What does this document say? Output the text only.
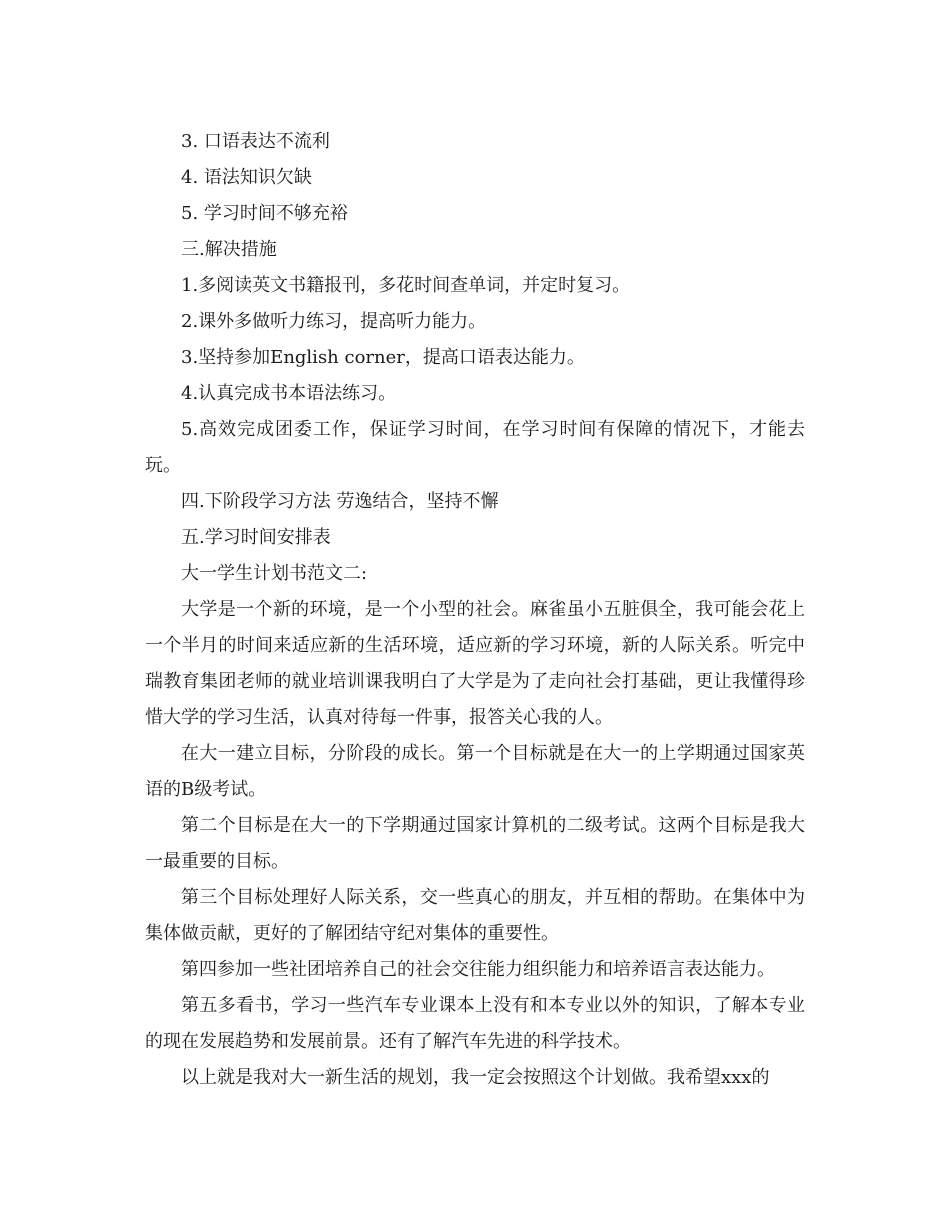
3. 口语表达不流利
4. 语法知识欠缺
5. 学习时间不够充裕
三.解决措施
1.多阅读英文书籍报刊，多花时间查单词，并定时复习。
2.课外多做听力练习，提高听力能力。
3.坚持参加English corner，提高口语表达能力。
4.认真完成书本语法练习。

5.高效完成团委工作，保证学习时间，在学习时间有保障的情况下，才能去玩。

四.下阶段学习方法 劳逸结合，坚持不懈
五.学习时间安排表
大一学生计划书范文二:

大学是一个新的环境，是一个小型的社会。麻雀虽小五脏俱全，我可能会花上一个半月的时间来适应新的生活环境，适应新的学习环境，新的人际关系。听完中瑞教育集团老师的就业培训课我明白了大学是为了走向社会打基础，更让我懂得珍惜大学的学习生活，认真对待每一件事，报答关心我的人。

在大一建立目标，分阶段的成长。第一个目标就是在大一的上学期通过国家英语的B级考试。

第二个目标是在大一的下学期通过国家计算机的二级考试。这两个目标是我大一最重要的目标。

第三个目标处理好人际关系，交一些真心的朋友，并互相的帮助。在集体中为集体做贡献，更好的了解团结守纪对集体的重要性。

第四参加一些社团培养自己的社会交往能力组织能力和培养语言表达能力。

第五多看书，学习一些汽车专业课本上没有和本专业以外的知识，了解本专业的现在发展趋势和发展前景。还有了解汽车先进的科学技术。

以上就是我对大一新生活的规划，我一定会按照这个计划做。我希望xxx的
